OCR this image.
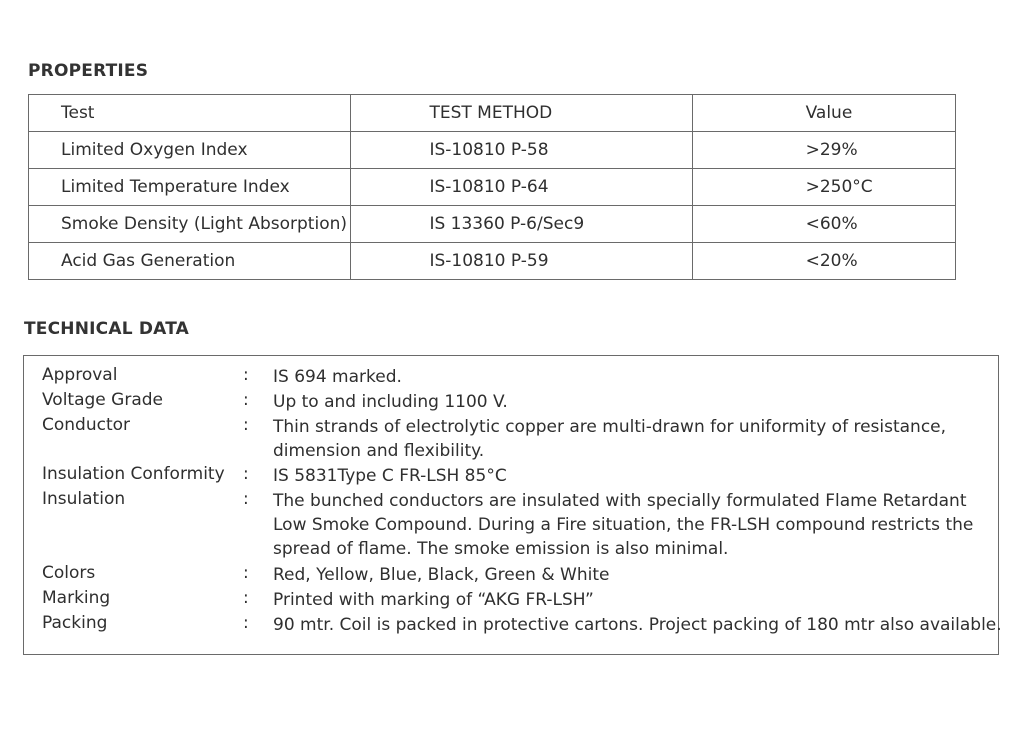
PROPERTIES
Test	TEST METHOD	Value
Limited Oxygen Index	IS-10810 P-58	>29%
Limited Temperature Index	IS-10810 P-64	>250°C
Smoke Density (Light Absorption)	IS 13360 P-6/Sec9	<60%
Acid Gas Generation	IS-10810 P-59	<20%
TECHNICAL DATA
Approval	: IS 694 marked.
Voltage Grade	: Up to and including 1100 V.
Conductor	: Thin strands of electrolytic copper are multi-drawn for uniformity of resistance,
dimension and flexibility.
Insulation Conformity : IS 5831Type C FR-LSH 85°C
Insulation	: The bunched conductors are insulated with specially formulated Flame Retardant
Low Smoke Compound. During a Fire situation, the FR-LSH compound restricts the
spread of flame. The smoke emission is also minimal.
Colors	: Red, Yellow, Blue, Black, Green & White
Marking	: Printed with marking of “AKG FR-LSH”
Packing	: 90 mtr. Coil is packed in protective cartons. Project packing of 180 mtr also available.
